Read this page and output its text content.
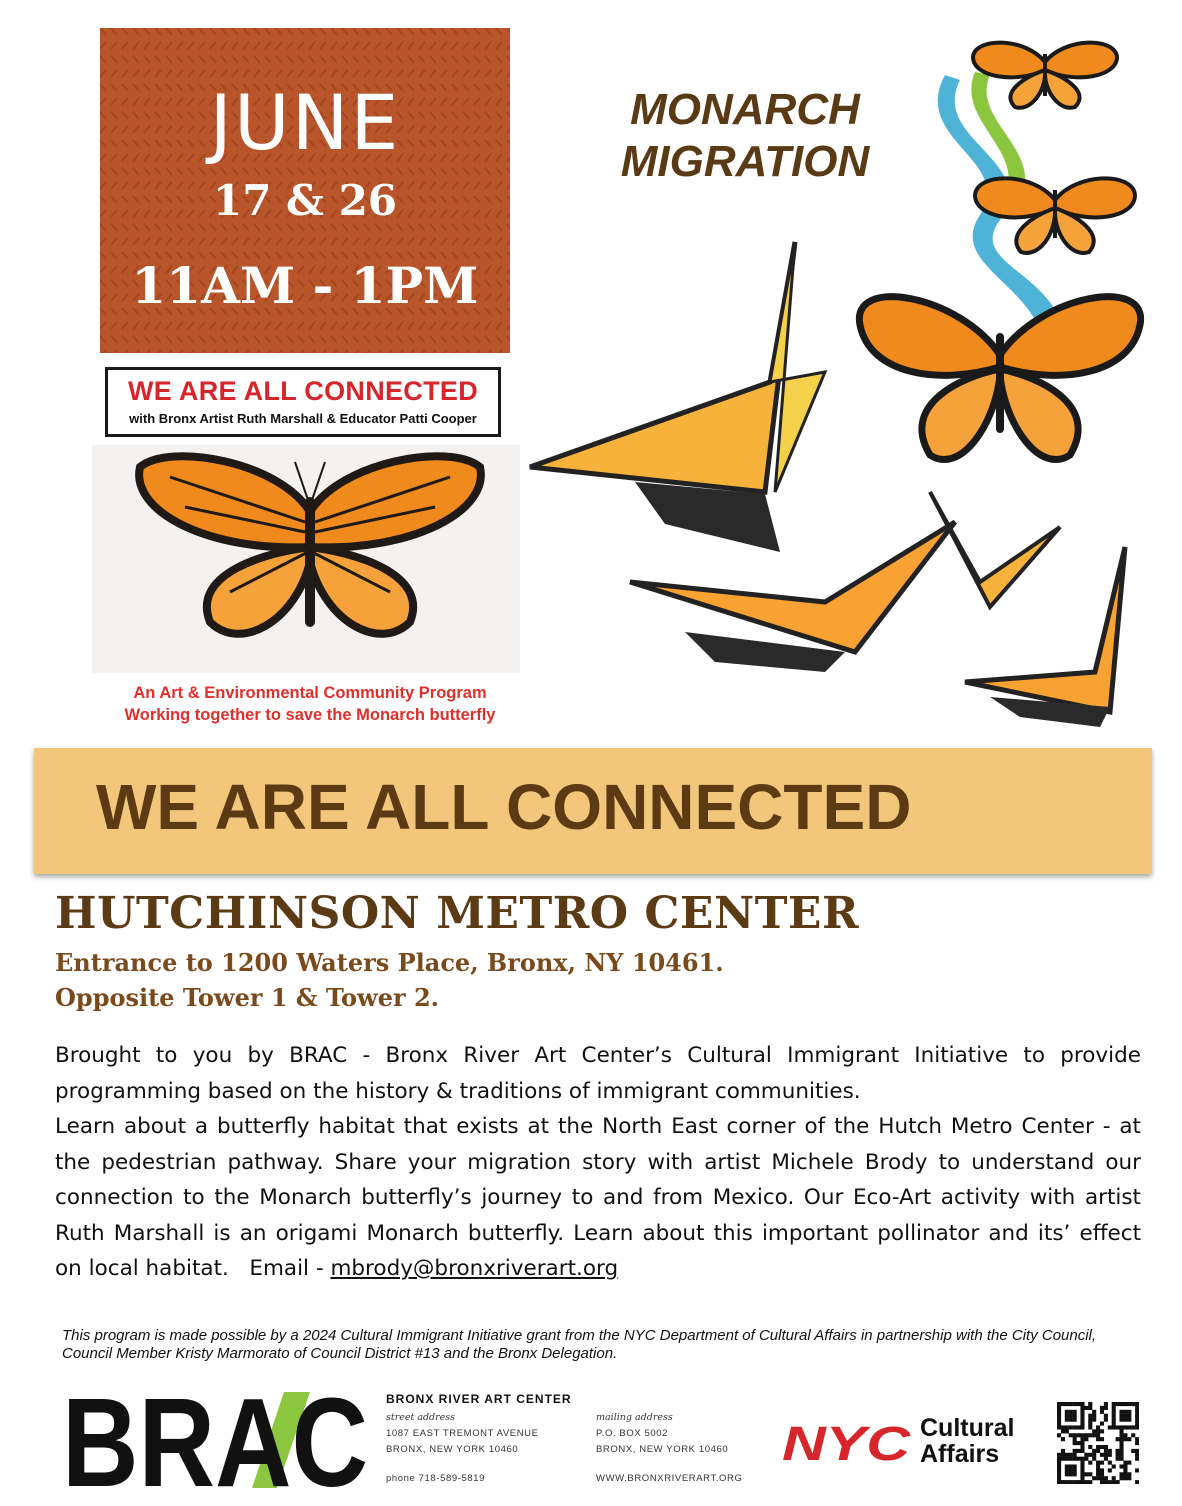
JUNE
17 & 26
11AM - 1PM
MONARCH
MIGRATION
WE ARE ALL CONNECTED
with Bronx Artist Ruth Marshall & Educator Patti Cooper
An Art & Environmental Community Program
Working together to save the Monarch butterfly
WE ARE ALL CONNECTED
HUTCHINSON METRO CENTER
Entrance to 1200 Waters Place, Bronx, NY 10461.
Opposite Tower 1 & Tower 2.

Brought to you by BRAC - Bronx River Art Center’s Cultural Immigrant Initiative to provide programming based on the history & traditions of immigrant communities.

Learn about a butterfly habitat that exists at the North East corner of the Hutch Metro Center - at the pedestrian pathway. Share your migration story with artist Michele Brody to understand our connection to the Monarch butterfly’s journey to and from Mexico. Our Eco-Art activity with artist Ruth Marshall is an origami Monarch butterfly. Learn about this important pollinator and its’ effect on local habitat. Email - mbrody@bronxriverart.org

This program is made possible by a 2024 Cultural Immigrant Initiative grant from the NYC Department of Cultural Affairs in partnership with the City Council, Council Member Kristy Marmorato of Council District #13 and the Bronx Delegation.
BRAC BRONX RIVER ART CENTER
street address
1087 EAST TREMONT AVENUE
BRONX, NEW YORK 10460
phone 718-589-5819
mailing address
P.O. BOX 5002
BRONX, NEW YORK 10460
WWW.BRONXRIVERART.ORG
NYC Cultural
Affairs
